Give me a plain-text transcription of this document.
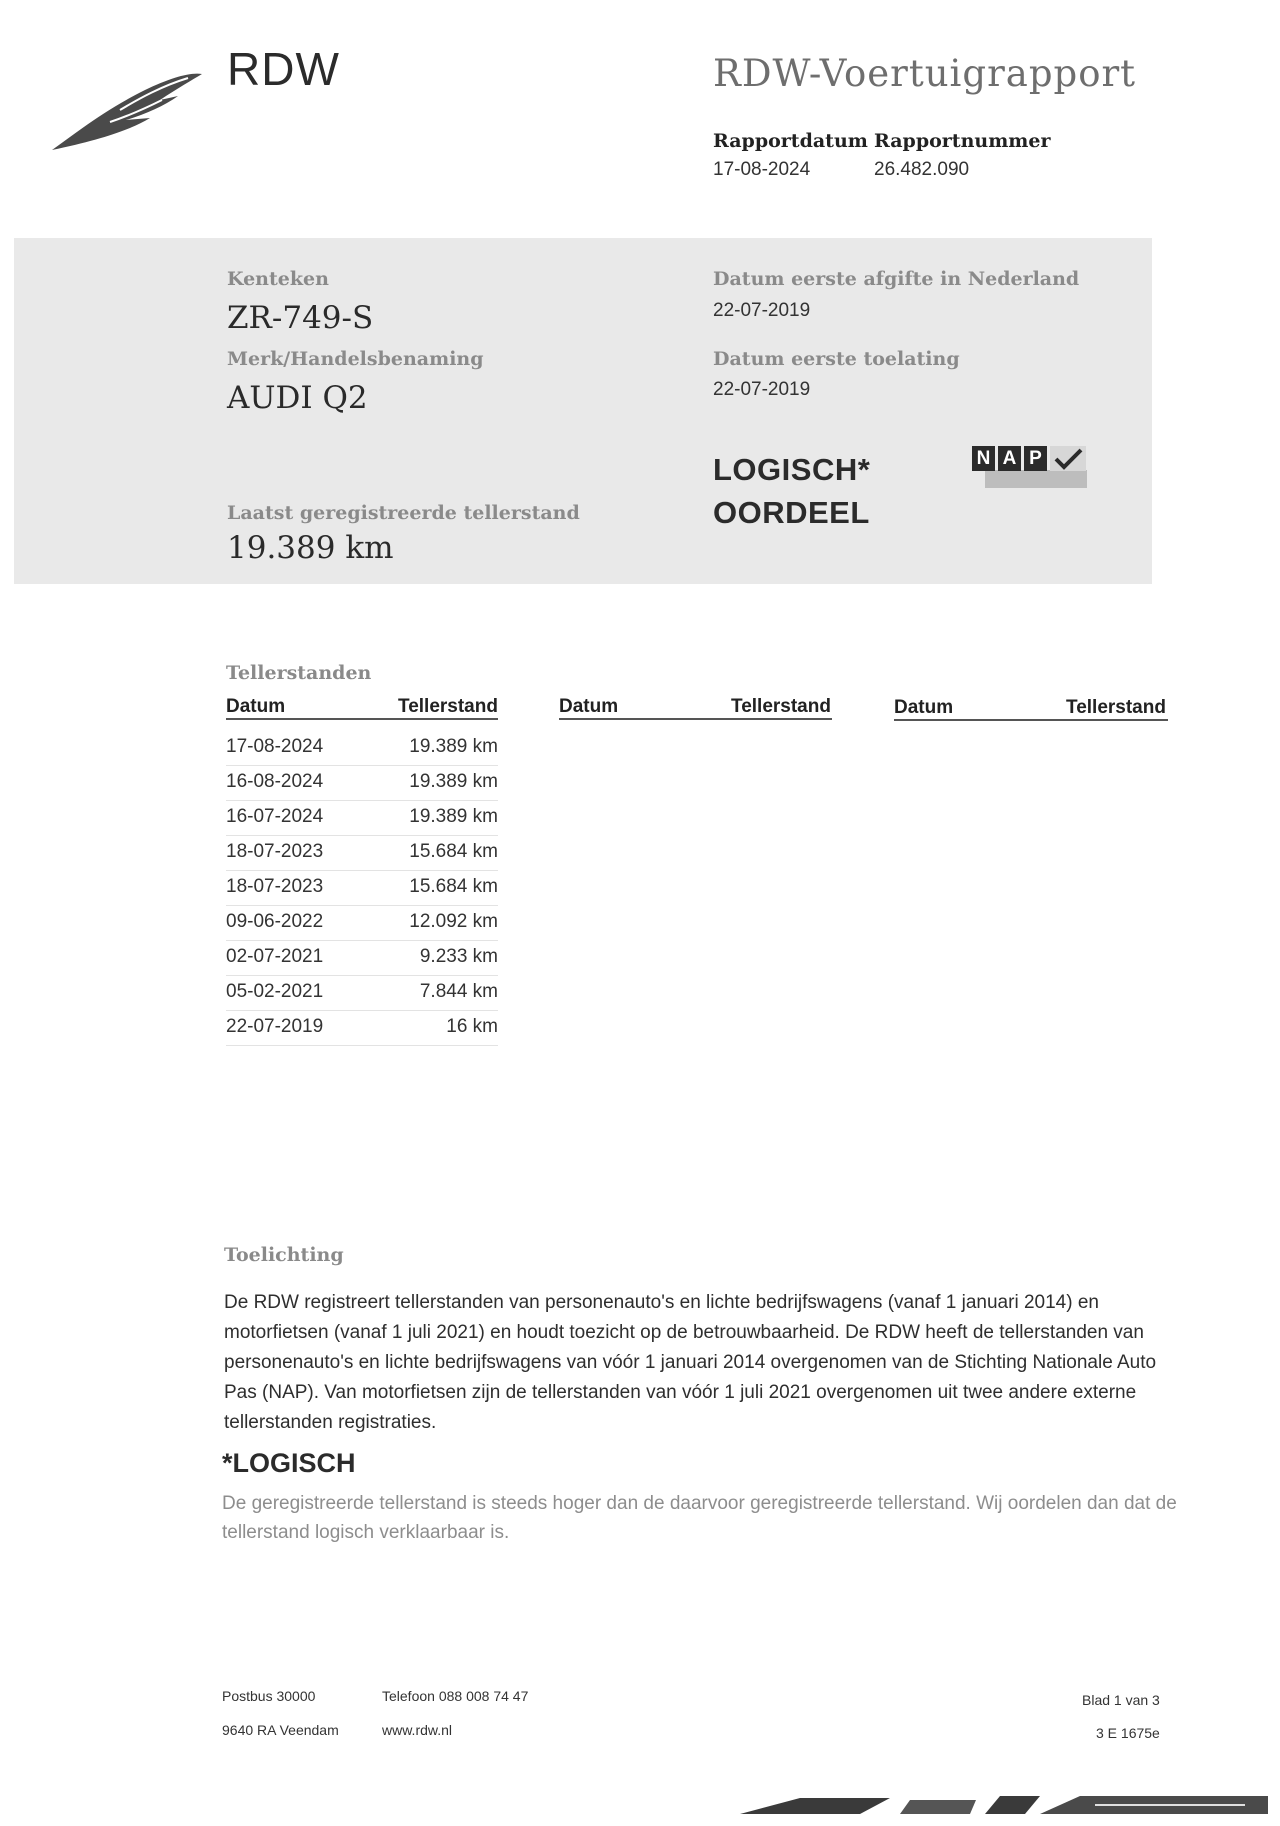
RDW	RDW-Voertuigrapport
Rapportdatum
17-08-2024
Rapportnummer
26.482.090
Kenteken
ZR-749-S
Merk/Handelsbenaming
AUDI Q2
Laatst geregistreerde tellerstand
19.389 km
Datum eerste afgifte in Nederland
22-07-2019
Datum eerste toelating
22-07-2019
LOGISCH*
OORDEEL
N A P
Tellerstanden
Datum	Tellerstand	Datum	Tellerstand	Datum	Tellerstand
17-08-2024	19.389 km
16-08-2024	19.389 km
16-07-2024	19.389 km
18-07-2023	15.684 km
18-07-2023	15.684 km
09-06-2022	12.092 km
02-07-2021	9.233 km
05-02-2021	7.844 km
22-07-2019	16 km
Toelichting
De RDW registreert tellerstanden van personenauto's en lichte bedrijfswagens (vanaf 1 januari 2014) en motorfietsen (vanaf 1 juli 2021) en houdt toezicht op de betrouwbaarheid. De RDW heeft de tellerstanden van personenauto's en lichte bedrijfswagens van vóór 1 januari 2014 overgenomen van de Stichting Nationale Auto Pas (NAP). Van motorfietsen zijn de tellerstanden van vóór 1 juli 2021 overgenomen uit twee andere externe tellerstanden registraties.
*LOGISCH
De geregistreerde tellerstand is steeds hoger dan de daarvoor geregistreerde tellerstand. Wij oordelen dan dat de tellerstand logisch verklaarbaar is.
Postbus 30000
9640 RA Veendam
Telefoon 088 008 74 47
www.rdw.nl
Blad 1 van 3
3 E 1675e
